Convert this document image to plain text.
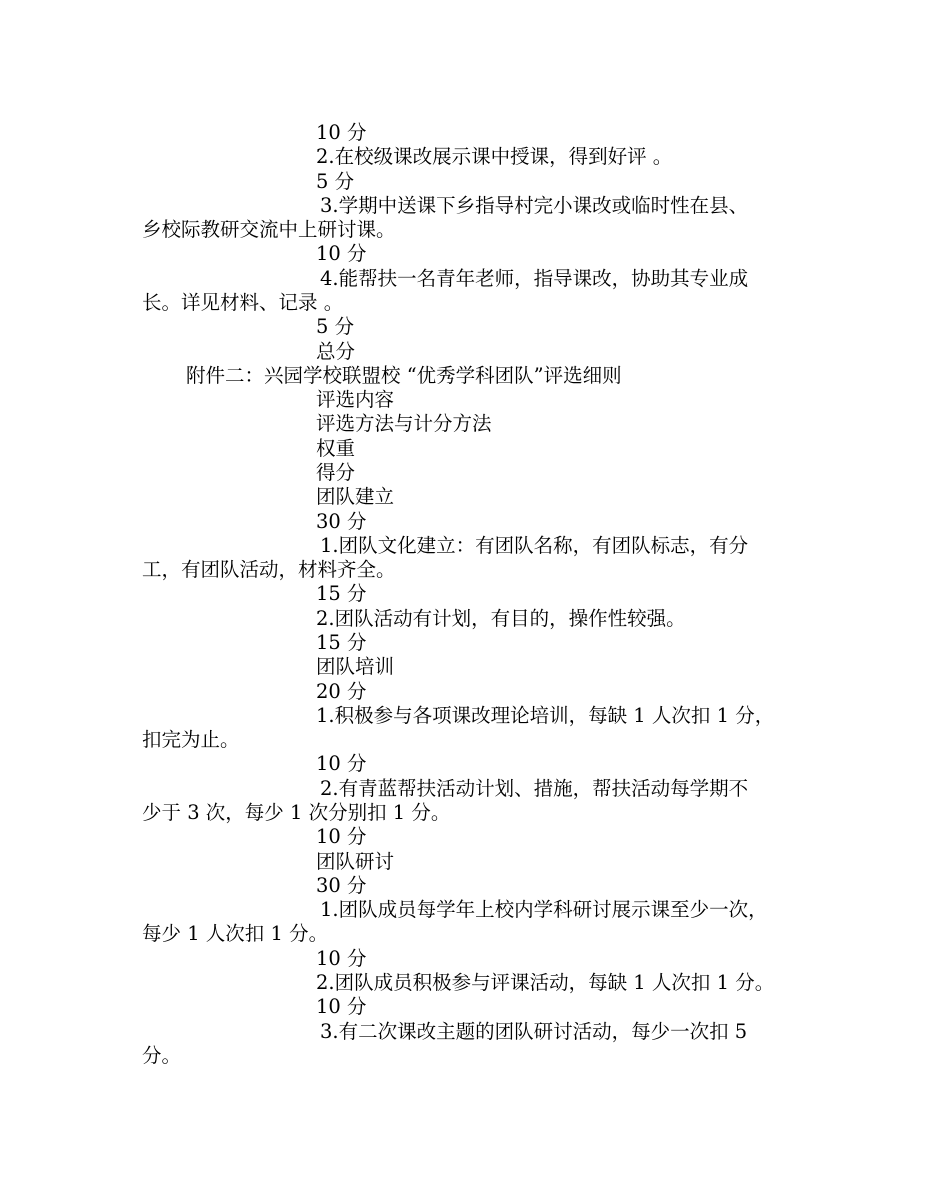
10 分
2.在校级课改展示课中授课，得到好评 。
5 分
3.学期中送课下乡指导村完小课改或临时性在县、
乡校际教研交流中上研讨课。
10 分
4.能帮扶一名青年老师，指导课改，协助其专业成
长。详见材料、记录 。
5 分
总分
附件二：兴园学校联盟校 “优秀学科团队”评选细则
评选内容
评选方法与计分方法
权重
得分
团队建立
30 分
1.团队文化建立：有团队名称，有团队标志，有分
工，有团队活动，材料齐全。
15 分
2.团队活动有计划，有目的，操作性较强。
15 分
团队培训
20 分
1.积极参与各项课改理论培训，每缺 1 人次扣 1 分，
扣完为止。
10 分
2.有青蓝帮扶活动计划、措施，帮扶活动每学期不
少于 3 次，每少 1 次分别扣 1 分。
10 分
团队研讨
30 分
1.团队成员每学年上校内学科研讨展示课至少一次，
每少 1 人次扣 1 分。
10 分
2.团队成员积极参与评课活动，每缺 1 人次扣 1 分。
10 分
3.有二次课改主题的团队研讨活动，每少一次扣 5
分。
